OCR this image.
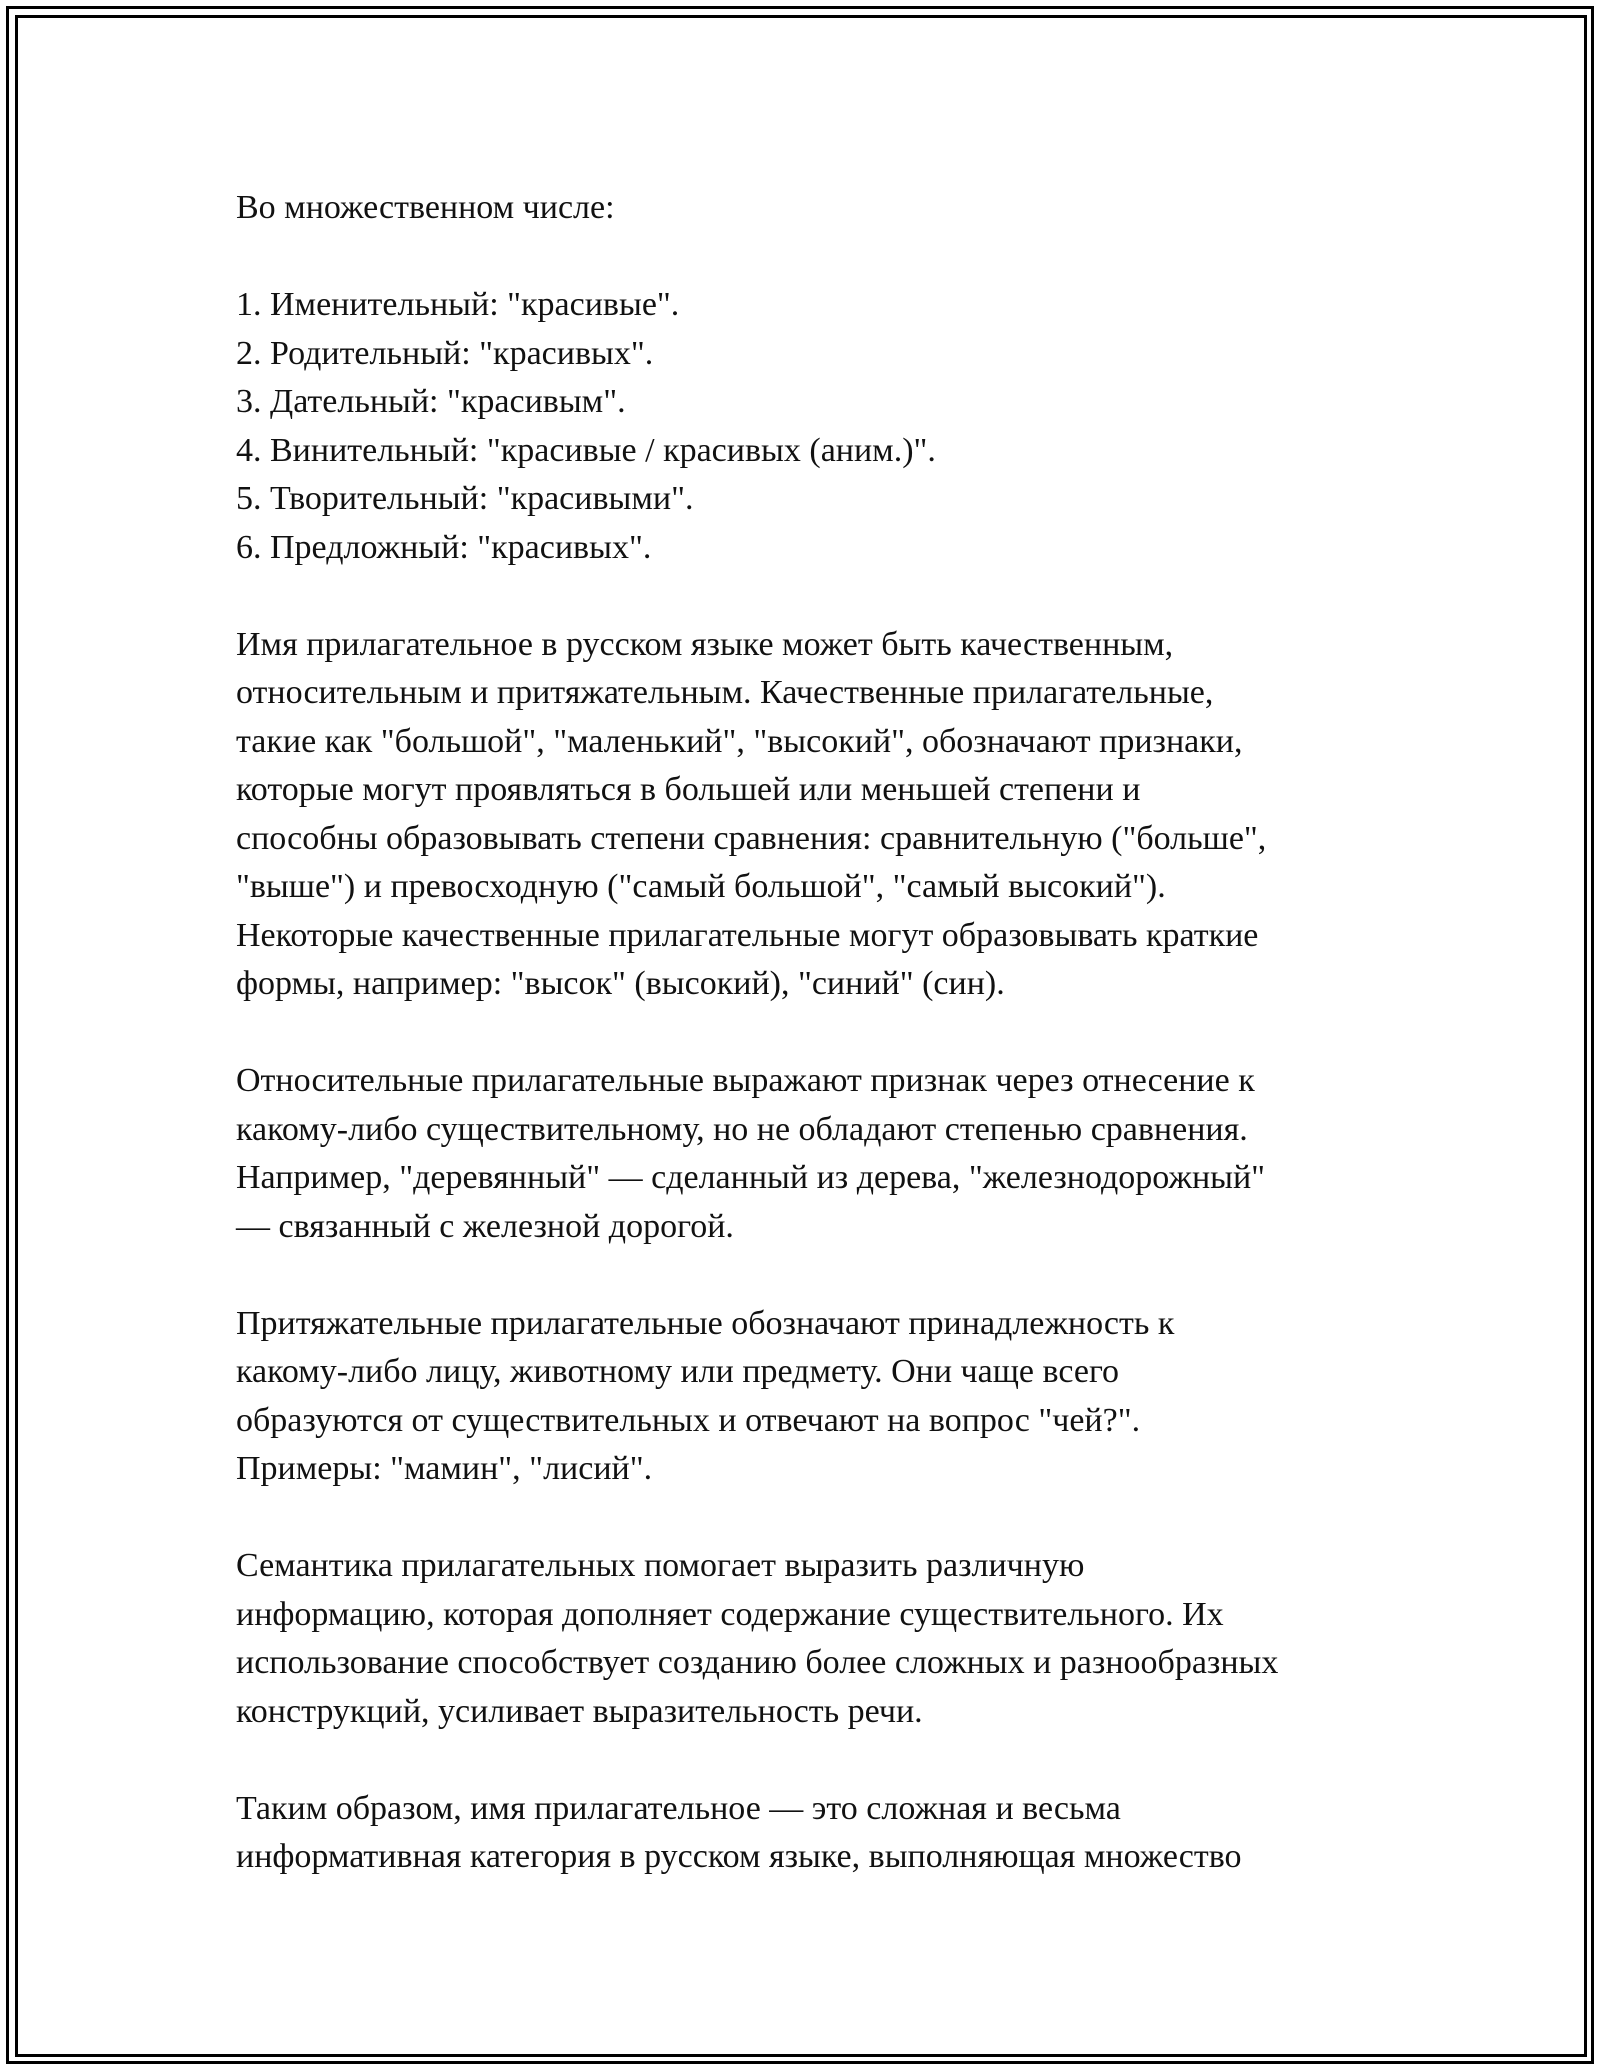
Во множественном числе:

1. Именительный: "красивые".
2. Родительный: "красивых".
3. Дательный: "красивым".
4. Винительный: "красивые / красивых (аним.)".
5. Творительный: "красивыми".
6. Предложный: "красивых".

Имя прилагательное в русском языке может быть качественным,
относительным и притяжательным. Качественные прилагательные,
такие как "большой", "маленький", "высокий", обозначают признаки,
которые могут проявляться в большей или меньшей степени и
способны образовывать степени сравнения: сравнительную ("больше",
"выше") и превосходную ("самый большой", "самый высокий").
Некоторые качественные прилагательные могут образовывать краткие
формы, например: "высок" (высокий), "синий" (син).

Относительные прилагательные выражают признак через отнесение к
какому-либо существительному, но не обладают степенью сравнения.
Например, "деревянный" — сделанный из дерева, "железнодорожный"
— связанный с железной дорогой.

Притяжательные прилагательные обозначают принадлежность к
какому-либо лицу, животному или предмету. Они чаще всего
образуются от существительных и отвечают на вопрос "чей?".
Примеры: "мамин", "лисий".

Семантика прилагательных помогает выразить различную
информацию, которая дополняет содержание существительного. Их
использование способствует созданию более сложных и разнообразных
конструкций, усиливает выразительность речи.

Таким образом, имя прилагательное — это сложная и весьма
информативная категория в русском языке, выполняющая множество
